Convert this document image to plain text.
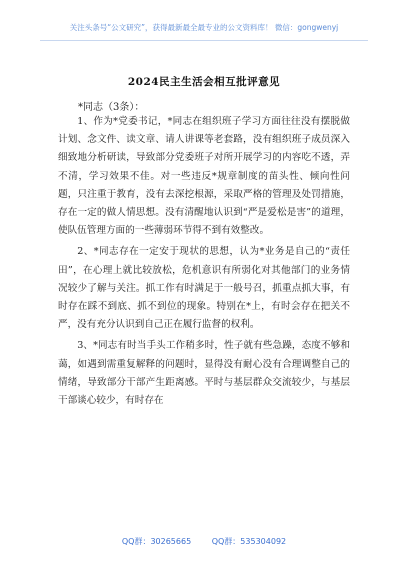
关注头条号“公文研究”，获得最新最全最专业的公文资料库！ 微信：gongwenyj
2024民主生活会相互批评意见
*同志（3条）：

1、作为*党委书记，*同志在组织班子学习方面往往没有摆脱做计划、念文件、读文章、请人讲课等老套路，没有组织班子成员深入细致地分析研读，导致部分党委班子对所开展学习的内容吃不透，弄不清，学习效果不佳。对一些违反*规章制度的苗头性、倾向性问题，只注重于教育，没有去深挖根源，采取严格的管理及处罚措施，存在一定的做人情思想。没有清醒地认识到“严是爱松是害”的道理，使队伍管理方面的一些薄弱环节得不到有效整改。

2、*同志存在一定安于现状的思想，认为*业务是自己的“责任田”，在心理上就比较放松，危机意识有所弱化对其他部门的业务情况较少了解与关注。抓工作有时满足于一般号召，抓重点抓大事，有时存在踩不到底、抓不到位的现象。特别在*上，有时会存在把关不严，没有充分认识到自己正在履行监督的权利。

3、*同志有时当手头工作稍多时，性子就有些急躁，态度不够和蔼，如遇到需重复解释的问题时，显得没有耐心没有合理调整自己的情绪，导致部分干部产生距离感。平时与基层群众交流较少，与基层干部谈心较少，有时存在

QQ群：30265665	QQ群：535304092
